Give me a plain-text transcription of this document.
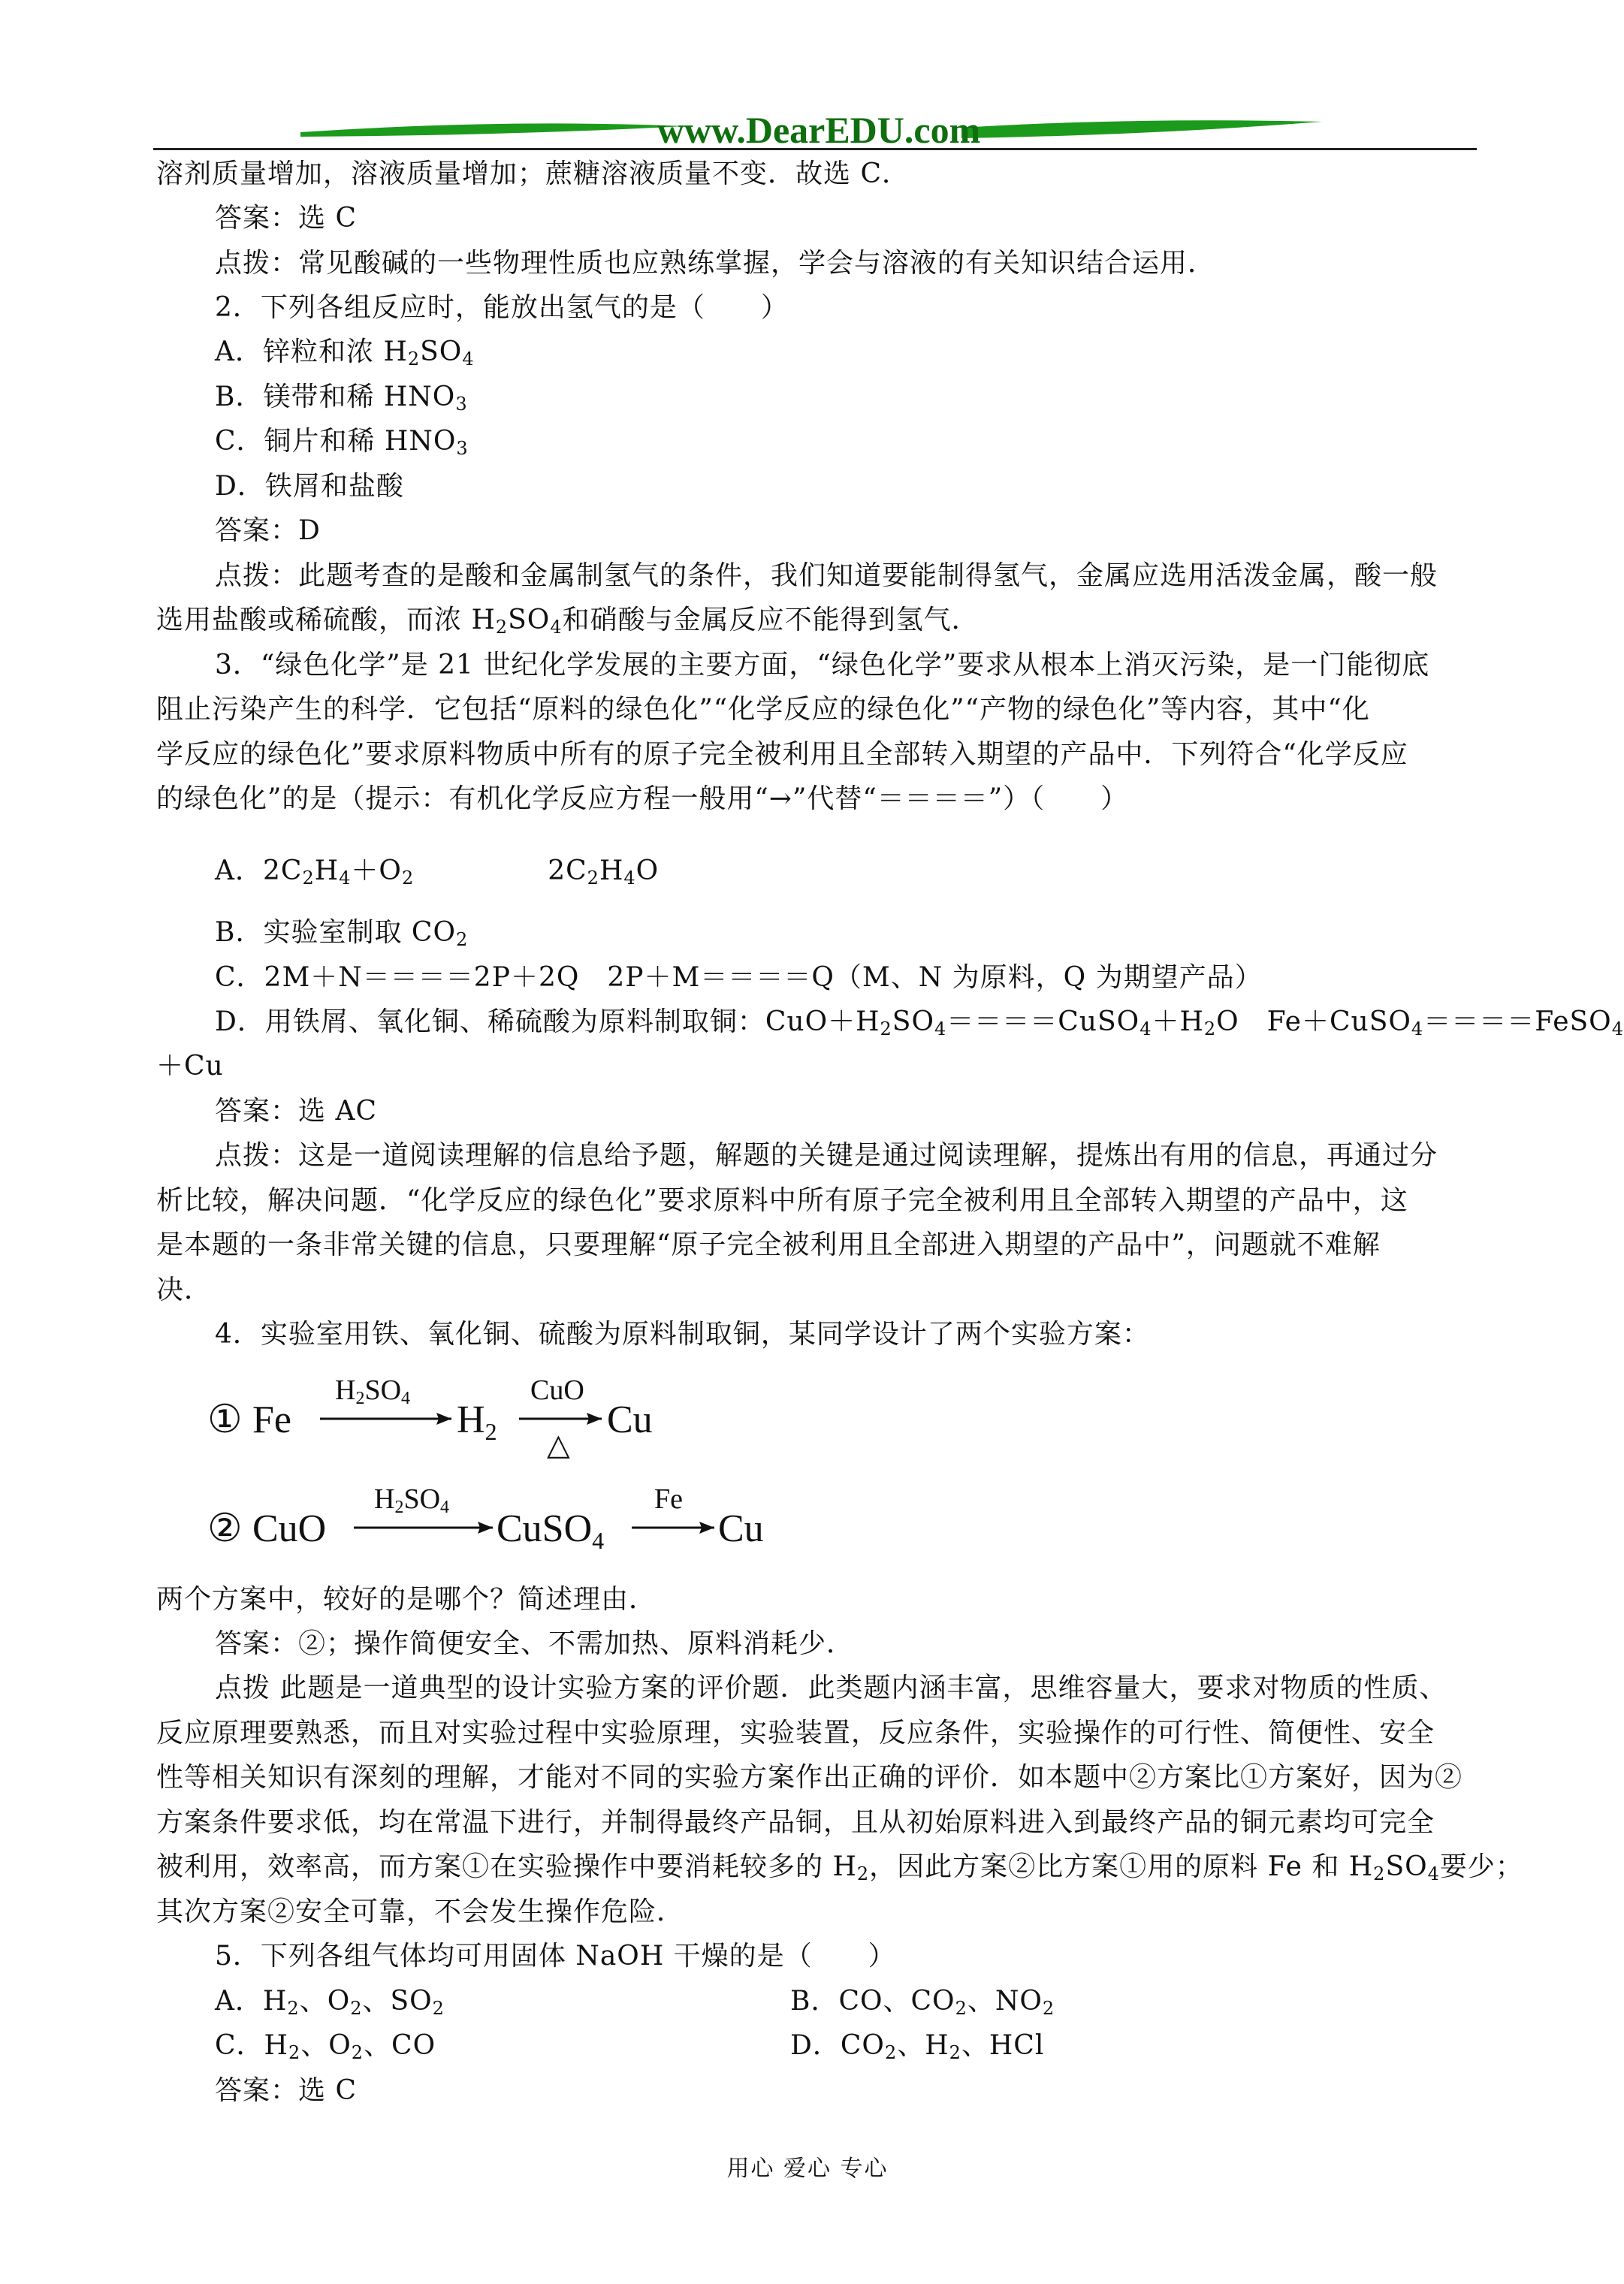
www.DearEDU.com
溶剂质量增加，溶液质量增加；蔗糖溶液质量不变．故选 C．
答案：选 C
点拨：常见酸碱的一些物理性质也应熟练掌握，学会与溶液的有关知识结合运用．
2．下列各组反应时，能放出氢气的是（　　）
A．锌粒和浓 $H_2SO_4$
B．镁带和稀 $HNO_3$
C．铜片和稀 $HNO_3$
D．铁屑和盐酸
答案：D
点拨：此题考查的是酸和金属制氢气的条件，我们知道要能制得氢气，金属应选用活泼金属，酸一般
选用盐酸或稀硫酸，而浓 $H_2SO_4$和硝酸与金属反应不能得到氢气．
3．“绿色化学”是 21 世纪化学发展的主要方面，“绿色化学”要求从根本上消灭污染，是一门能彻底
阻止污染产生的科学．它包括“原料的绿色化”“化学反应的绿色化”“产物的绿色化”等内容，其中“化
学反应的绿色化”要求原料物质中所有的原子完全被利用且全部转入期望的产品中．下列符合“化学反应
的绿色化”的是（提示：有机化学反应方程一般用“→”代替“＝＝＝＝”）（　　）
A．$2C_2H_4+O_2$	$2C_2H_4O$
B．实验室制取 $CO_2$
C．2M＋N＝＝＝＝2P＋2Q　2P＋M＝＝＝＝Q（M、N 为原料，Q 为期望产品）
D．用铁屑、氧化铜、稀硫酸为原料制取铜：$CuO+H_2SO_4====CuSO_4+H_2O$　Fe＋CuSO$_4$＝＝＝＝FeSO$_4$
＋Cu
答案：选 AC
点拨：这是一道阅读理解的信息给予题，解题的关键是通过阅读理解，提炼出有用的信息，再通过分
析比较，解决问题．“化学反应的绿色化”要求原料中所有原子完全被利用且全部转入期望的产品中，这
是本题的一条非常关键的信息，只要理解“原子完全被利用且全部进入期望的产品中”，问题就不难解
决．
4．实验室用铁、氧化铜、硫酸为原料制取铜，某同学设计了两个实验方案：
① Fe
H2SO4 H2
CuO
△
Cu
② CuO
H2SO4 CuSO4
Fe
Cu
两个方案中，较好的是哪个？简述理由．
答案：②；操作简便安全、不需加热、原料消耗少．
点拨 此题是一道典型的设计实验方案的评价题．此类题内涵丰富，思维容量大，要求对物质的性质、
反应原理要熟悉，而且对实验过程中实验原理，实验装置，反应条件，实验操作的可行性、简便性、安全
性等相关知识有深刻的理解，才能对不同的实验方案作出正确的评价．如本题中②方案比①方案好，因为②
方案条件要求低，均在常温下进行，并制得最终产品铜，且从初始原料进入到最终产品的铜元素均可完全
被利用，效率高，而方案①在实验操作中要消耗较多的 $H_2$，因此方案②比方案①用的原料 Fe 和 $H_2SO_4$要少；
其次方案②安全可靠，不会发生操作危险．
5．下列各组气体均可用固体 NaOH 干燥的是（　　）
A．$H_2$、$O_2$、$SO_2$	B．CO、$CO_2$、$NO_2$
C．$H_2$、$O_2$、CO	D．$CO_2$、$H_2$、HCl
答案：选 C
用心 爱心 专心
